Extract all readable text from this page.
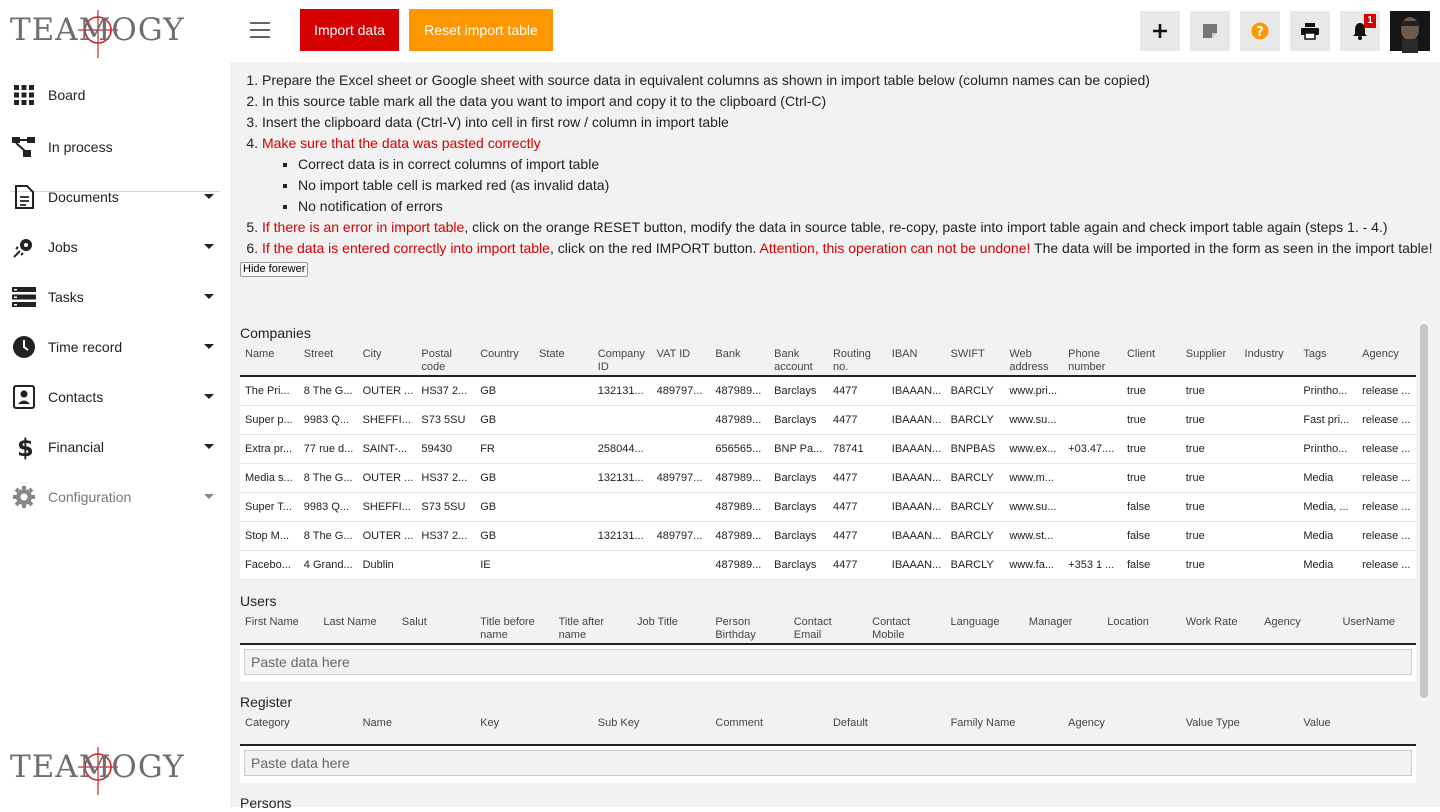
TEAMOGY
Board
In process
Documents
Jobs
Tasks
Time record
Contacts
$ Financial
Configuration
TEAMOGY
Import data	Reset import table	?
1
1. Prepare the Excel sheet or Google sheet with source data in equivalent columns as shown in import table below (column names can be copied)
2. In this source table mark all the data you want to import and copy it to the clipboard (Ctrl-C)
3. Insert the clipboard data (Ctrl-V) into cell in first row / column in import table
4. Make sure that the data was pasted correctly
▪ Correct data is in correct columns of import table
▪ No import table cell is marked red (as invalid data)
▪ No notification of errors
5. If there is an error in import table, click on the orange RESET button, modify the data in source table, re-copy, paste into import table again and check import table again (steps 1. - 4.)
6. If the data is entered correctly into import table, click on the red IMPORT button. Attention, this operation can not be undone! The data will be imported in the form as seen in the import table!
Hide forewer
Companies
Name	Street	City	Postal code	Country	State	Company ID	VAT ID	Bank	Bank account	Routing no.	IBAN	SWIFT	Web address	Phone number	Client	Supplier	Industry	Tags	Agency
The Pri...	8 The G...	OUTER ...	HS37 2...	GB		132131...	489797...	487989...	Barclays	4477	IBAAAN...	BARCLY	www.pri...		true	true		Printho...	release ...
Super p...	9983 Q...	SHEFFI...	S73 5SU	GB				487989...	Barclays	4477	IBAAAN...	BARCLY	www.su...		true	true		Fast pri...	release ...
Extra pr...	77 rue d...	SAINT-...	59430	FR		258044...		656565...	BNP Pa...	78741	IBAAAN...	BNPBAS	www.ex...	+03.47....	true	true		Printho...	release ...
Media s...	8 The G...	OUTER ...	HS37 2...	GB		132131...	489797...	487989...	Barclays	4477	IBAAAN...	BARCLY	www.m...		true	true		Media	release ...
Super T...	9983 Q...	SHEFFI...	S73 5SU	GB				487989...	Barclays	4477	IBAAAN...	BARCLY	www.su...		false	true		Media, ...	release ...
Stop M...	8 The G...	OUTER ...	HS37 2...	GB		132131...	489797...	487989...	Barclays	4477	IBAAAN...	BARCLY	www.st...		false	true		Media	release ...
Facebo...	4 Grand...	Dublin		IE				487989...	Barclays	4477	IBAAAN...	BARCLY	www.fa...	+353 1 ...	false	true		Media	release ...
Users
First Name	Last Name	Salut	Title before name	Title after name	Job Title	Person Birthday	Contact Email	Contact Mobile	Language	Manager	Location	Work Rate	Agency	UserName
Paste data here
Register
Category	Name	Key	Sub Key	Comment	Default	Family Name	Agency	Value Type	Value
Paste data here
Persons
